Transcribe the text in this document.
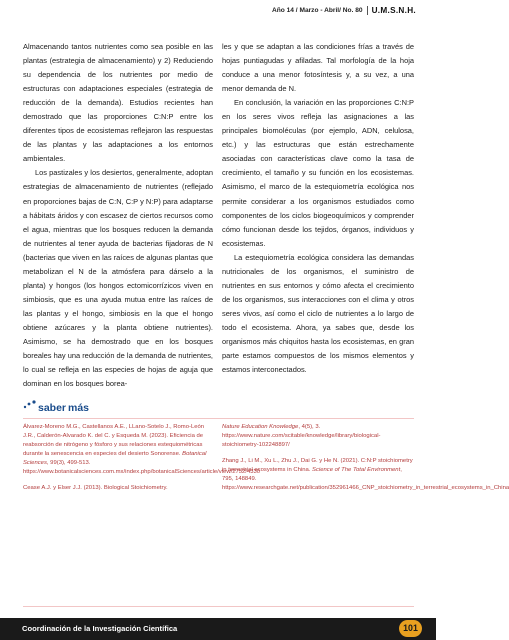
Año 14 / Marzo - Abril/ No. 80	U.M.S.N.H.

Almacenando tantos nutrientes como sea posible en las plantas (estrategia de almacenamiento) y 2) Reduciendo su dependencia de los nutrientes por medio de estructuras con adaptaciones especiales (estrategia de reducción de la demanda). Estudios recientes han demostrado que las proporciones C:N:P entre los diferentes tipos de ecosistemas reflejaron las respuestas de las plantas y las adaptaciones a los entornos ambientales.

Los pastizales y los desiertos, generalmente, adoptan estrategias de almacenamiento de nutrientes (reflejado en proporciones bajas de C:N, C:P y N:P) para adaptarse a hábitats áridos y con escasez de ciertos recursos como el agua, mientras que los bosques reducen la demanda de nutrientes al tener ayuda de bacterias fijadoras de N (bacterias que viven en las raíces de algunas plantas que metabolizan el N de la atmósfera para dárselo a la planta) y hongos (los hongos ectomicorrízicos viven en simbiosis, que es una ayuda mutua entre las raíces de las plantas y el hongo, simbiosis en la que el hongo obtiene azúcares y la planta obtiene nutrientes). Asimismo, se ha demostrado que en los bosques boreales hay una reducción de la demanda de nutrientes, lo cual se refleja en las especies de hojas de aguja que dominan en los bosques borea-

les y que se adaptan a las condiciones frías a través de hojas puntiagudas y afiladas. Tal morfología de la hoja conduce a una menor fotosíntesis y, a su vez, a una menor demanda de N.

En conclusión, la variación en las proporciones C:N:P en los seres vivos refleja las asignaciones a las principales biomoléculas (por ejemplo, ADN, celulosa, etc.) y las estructuras que están estrechamente asociadas con características clave como la tasa de crecimiento, el tamaño y su función en los ecosistemas. Asimismo, el marco de la estequiometría ecológica nos permite considerar a los organismos estudiados como componentes de los ciclos biogeoquímicos y comprender cómo funcionan desde los tejidos, órganos, individuos y ecosistemas.

La estequiometría ecológica considera las demandas nutricionales de los organismos, el suministro de nutrientes en sus entornos y cómo afecta el crecimiento de los organismos, sus interacciones con el clima y otros seres vivos, así como el ciclo de nutrientes a lo largo de todo el ecosistema. Ahora, ya sabes que, desde los organismos más chiquitos hasta los ecosistemas, en gran parte estamos compuestos de los mismos elementos y estamos interconectados.

saber más

Álvarez-Moreno M.G., Castellanos A.E., LLano-Sotelo J., Romo-León J.R., Calderón-Alvarado K. del C. y Esqueda M. (2023). Eficiencia de reabsorción de nitrógeno y fósforo y sus relaciones estequiométricas durante la senescencia en especies del desierto Sonorense. Botanical Sciences, 99(3), 499-513. https://www.botanicalsciences.com.mx/index.php/botanicalSciences/article/view/2752/4330

Cease A.J. y Elser J.J. (2013). Biological Stoichiometry.

Nature Education Knowledge, 4(5), 3. https://www.nature.com/scitable/knowledge/library/biological-stoichiometry-102248897/

Zhang J., Li M., Xu L., Zhu J., Dai G. y He N. (2021). C:N:P stoichiometry in terrestrial ecosystems in China. Science of The Total Environment, 795, 148849. https://www.researchgate.net/publication/352961466_CNP_stoichiometry_in_terrestrial_ecosystems_in_China

Coordinación de la Investigación Científica	101
